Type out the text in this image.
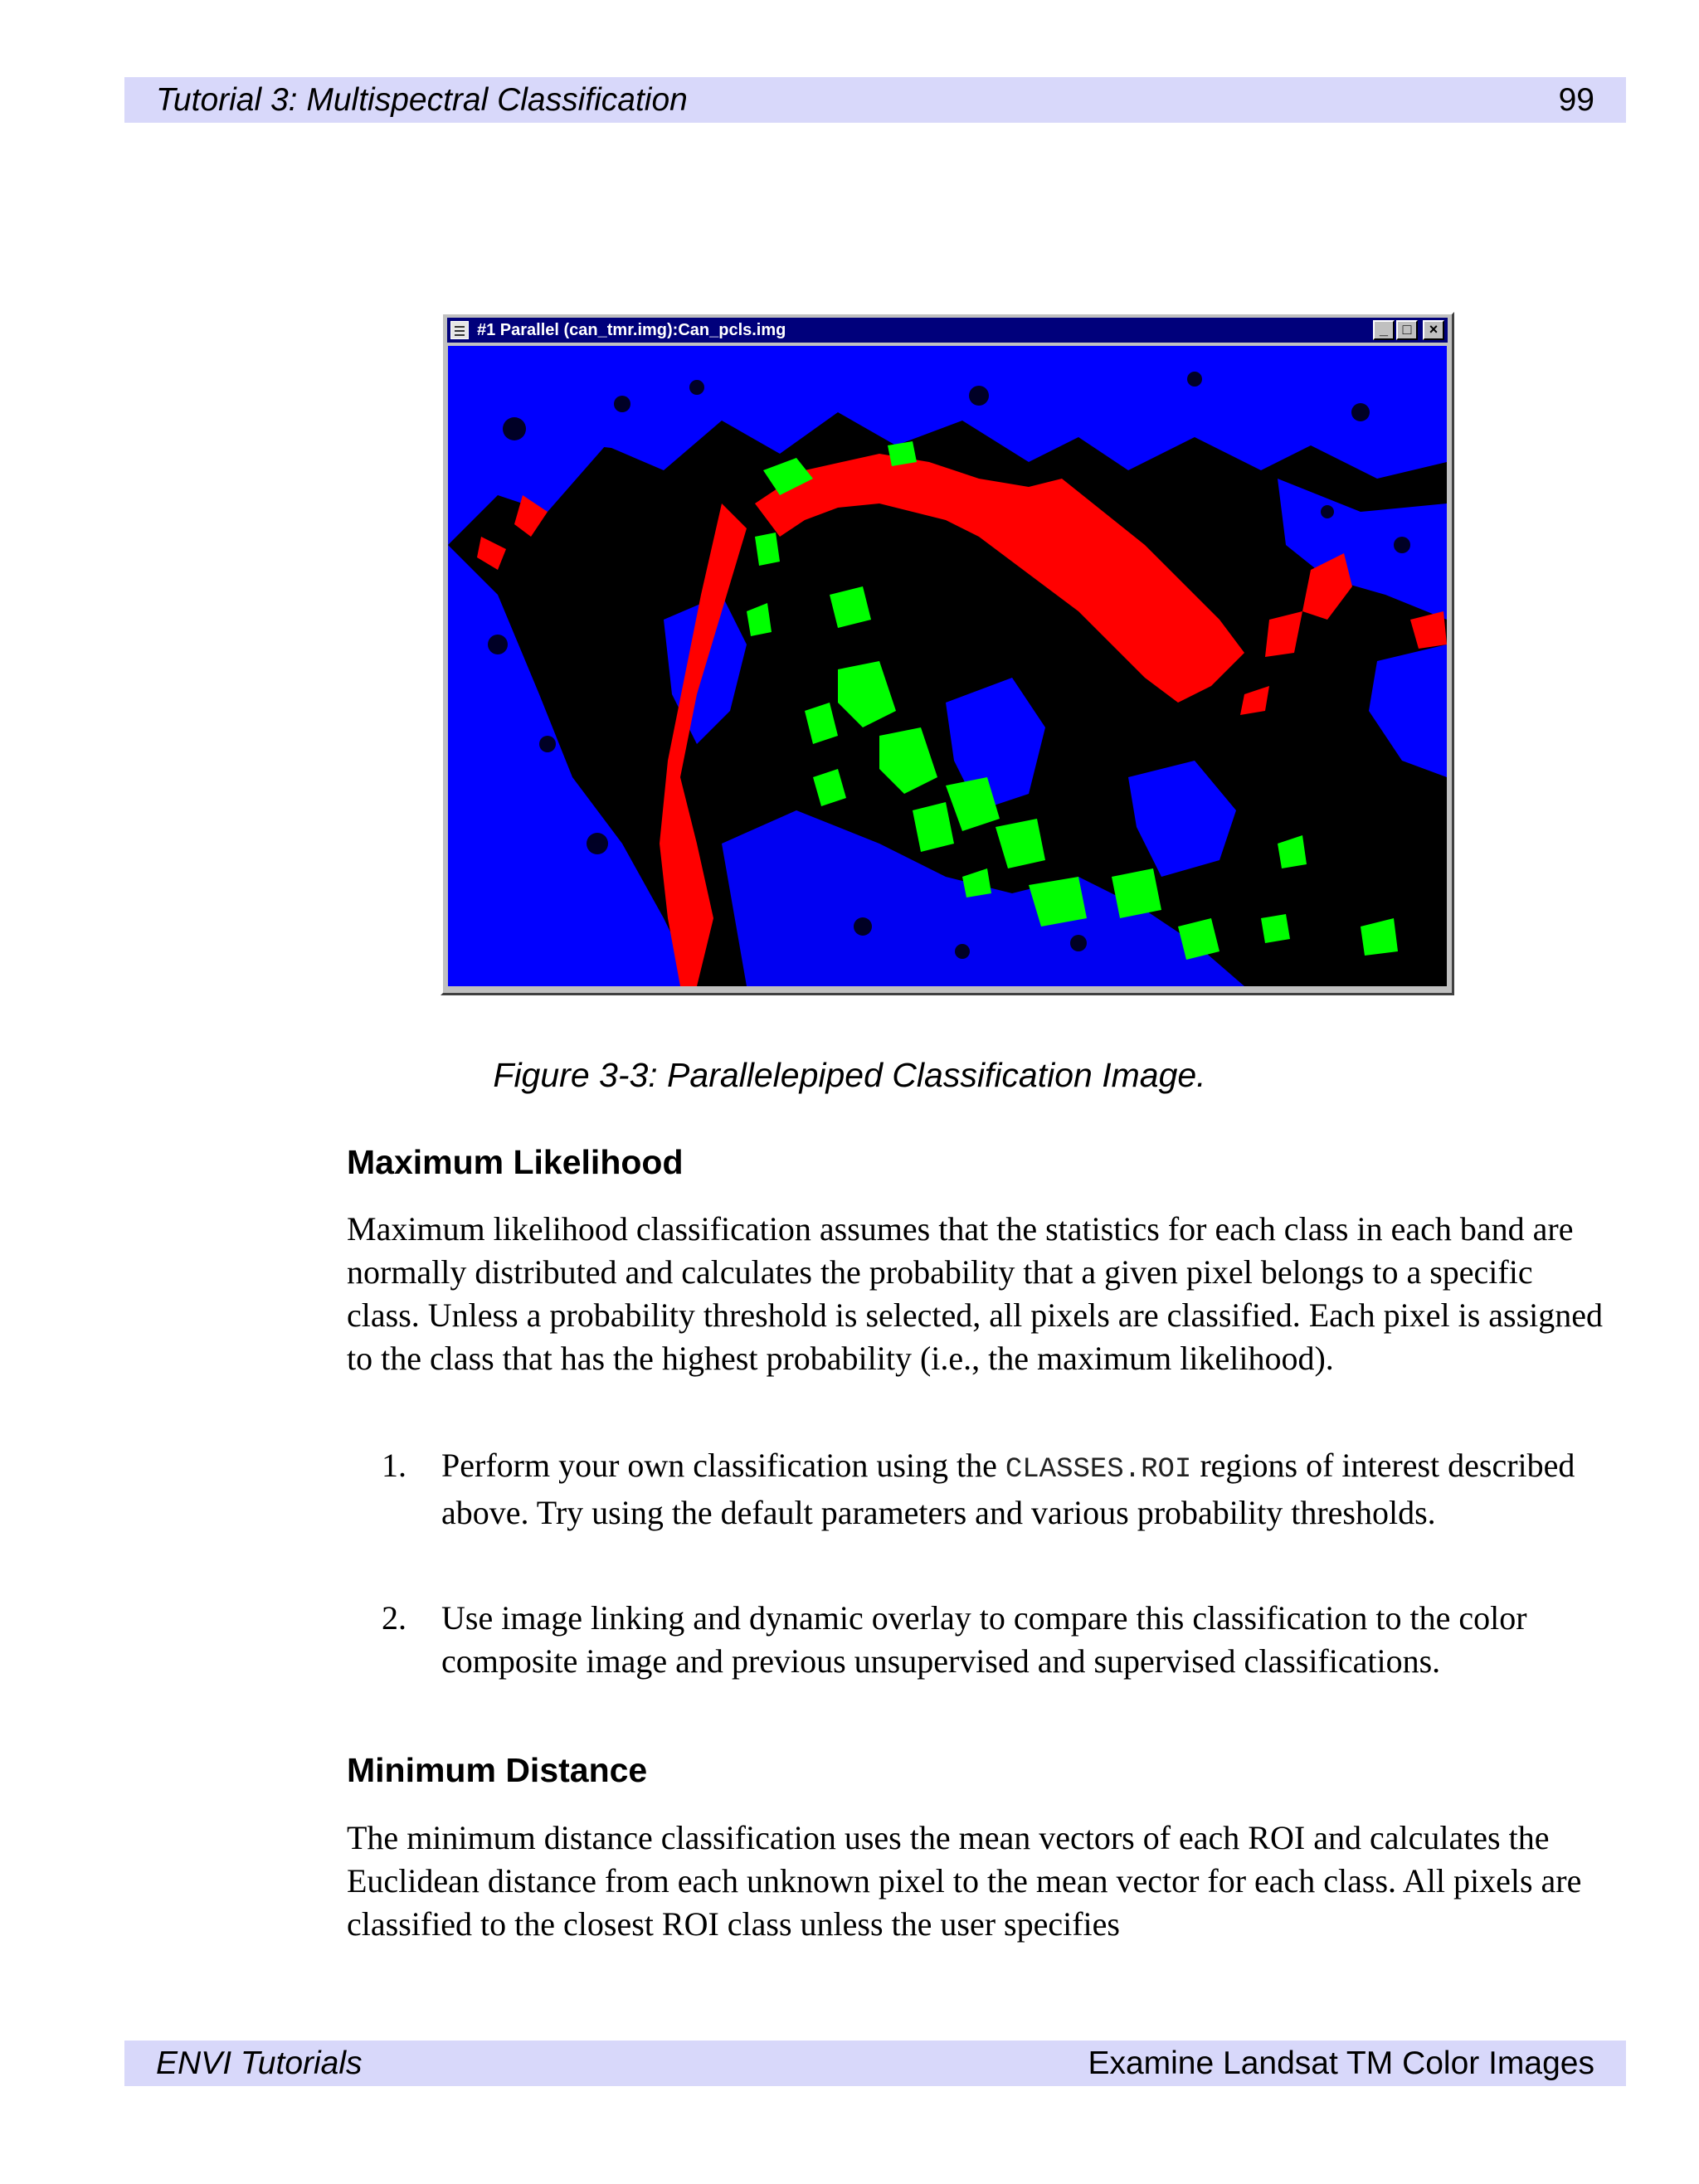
Tutorial 3: Multispectral Classification	99
#1 Parallel (can_tmr.img):Can_pcls.img	_ □	×
Figure 3-3: Parallelepiped Classification Image.
Maximum Likelihood

Maximum likelihood classification assumes that the statistics for each class in each band are normally distributed and calculates the probability that a given pixel belongs to a specific class. Unless a probability threshold is selected, all pixels are classified. Each pixel is assigned to the class that has the highest probability (i.e., the maximum likelihood).

1.	Perform your own classification using the CLASSES.ROI regions of interest described above. Try using the default parameters and various probability thresholds.
2.	Use image linking and dynamic overlay to compare this classification to the color composite image and previous unsupervised and supervised classifications.
Minimum Distance

The minimum distance classification uses the mean vectors of each ROI and calculates the Euclidean distance from each unknown pixel to the mean vector for each class. All pixels are classified to the closest ROI class unless the user specifies

ENVI Tutorials	Examine Landsat TM Color Images
